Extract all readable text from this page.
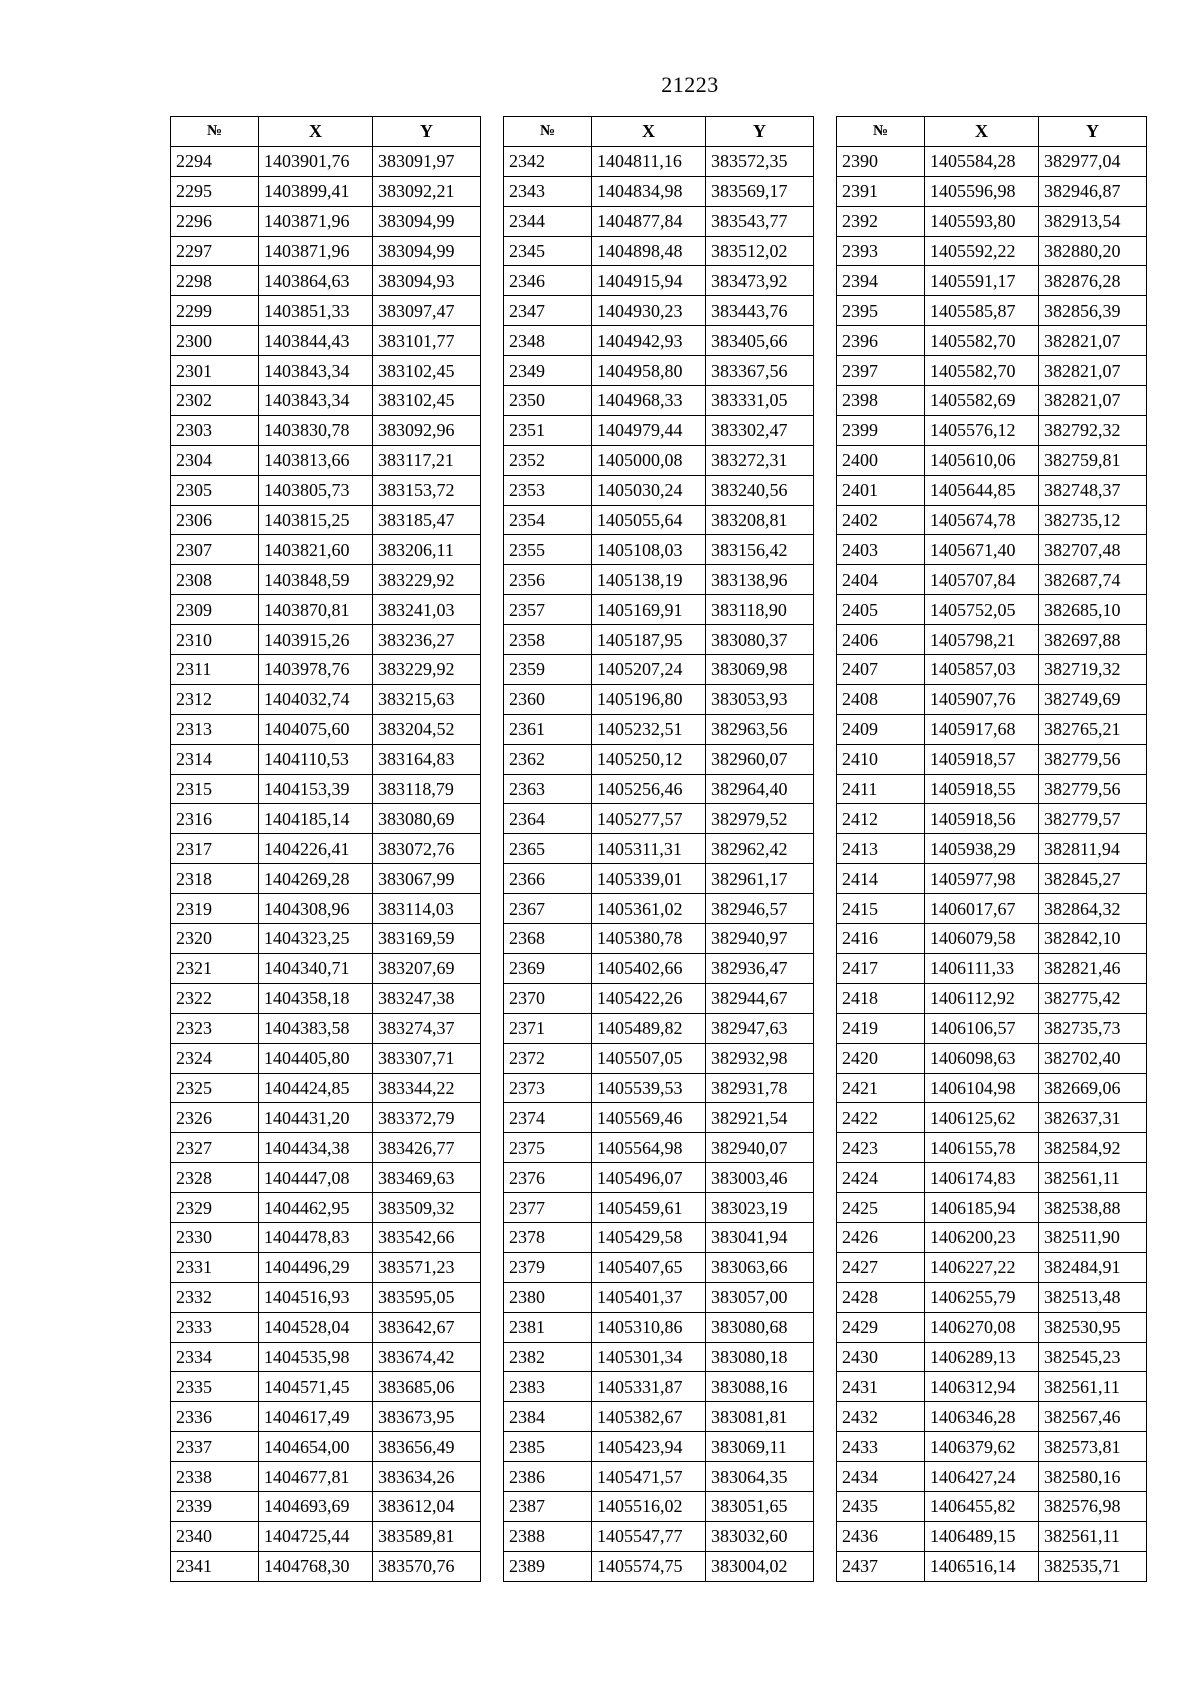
21223
№	X	Y
2294	1403901,76	383091,97
2295	1403899,41	383092,21
2296	1403871,96	383094,99
2297	1403871,96	383094,99
2298	1403864,63	383094,93
2299	1403851,33	383097,47
2300	1403844,43	383101,77
2301	1403843,34	383102,45
2302	1403843,34	383102,45
2303	1403830,78	383092,96
2304	1403813,66	383117,21
2305	1403805,73	383153,72
2306	1403815,25	383185,47
2307	1403821,60	383206,11
2308	1403848,59	383229,92
2309	1403870,81	383241,03
2310	1403915,26	383236,27
2311	1403978,76	383229,92
2312	1404032,74	383215,63
2313	1404075,60	383204,52
2314	1404110,53	383164,83
2315	1404153,39	383118,79
2316	1404185,14	383080,69
2317	1404226,41	383072,76
2318	1404269,28	383067,99
2319	1404308,96	383114,03
2320	1404323,25	383169,59
2321	1404340,71	383207,69
2322	1404358,18	383247,38
2323	1404383,58	383274,37
2324	1404405,80	383307,71
2325	1404424,85	383344,22
2326	1404431,20	383372,79
2327	1404434,38	383426,77
2328	1404447,08	383469,63
2329	1404462,95	383509,32
2330	1404478,83	383542,66
2331	1404496,29	383571,23
2332	1404516,93	383595,05
2333	1404528,04	383642,67
2334	1404535,98	383674,42
2335	1404571,45	383685,06
2336	1404617,49	383673,95
2337	1404654,00	383656,49
2338	1404677,81	383634,26
2339	1404693,69	383612,04
2340	1404725,44	383589,81
2341	1404768,30	383570,76
№	X	Y
2342	1404811,16	383572,35
2343	1404834,98	383569,17
2344	1404877,84	383543,77
2345	1404898,48	383512,02
2346	1404915,94	383473,92
2347	1404930,23	383443,76
2348	1404942,93	383405,66
2349	1404958,80	383367,56
2350	1404968,33	383331,05
2351	1404979,44	383302,47
2352	1405000,08	383272,31
2353	1405030,24	383240,56
2354	1405055,64	383208,81
2355	1405108,03	383156,42
2356	1405138,19	383138,96
2357	1405169,91	383118,90
2358	1405187,95	383080,37
2359	1405207,24	383069,98
2360	1405196,80	383053,93
2361	1405232,51	382963,56
2362	1405250,12	382960,07
2363	1405256,46	382964,40
2364	1405277,57	382979,52
2365	1405311,31	382962,42
2366	1405339,01	382961,17
2367	1405361,02	382946,57
2368	1405380,78	382940,97
2369	1405402,66	382936,47
2370	1405422,26	382944,67
2371	1405489,82	382947,63
2372	1405507,05	382932,98
2373	1405539,53	382931,78
2374	1405569,46	382921,54
2375	1405564,98	382940,07
2376	1405496,07	383003,46
2377	1405459,61	383023,19
2378	1405429,58	383041,94
2379	1405407,65	383063,66
2380	1405401,37	383057,00
2381	1405310,86	383080,68
2382	1405301,34	383080,18
2383	1405331,87	383088,16
2384	1405382,67	383081,81
2385	1405423,94	383069,11
2386	1405471,57	383064,35
2387	1405516,02	383051,65
2388	1405547,77	383032,60
2389	1405574,75	383004,02
№	X	Y
2390	1405584,28	382977,04
2391	1405596,98	382946,87
2392	1405593,80	382913,54
2393	1405592,22	382880,20
2394	1405591,17	382876,28
2395	1405585,87	382856,39
2396	1405582,70	382821,07
2397	1405582,70	382821,07
2398	1405582,69	382821,07
2399	1405576,12	382792,32
2400	1405610,06	382759,81
2401	1405644,85	382748,37
2402	1405674,78	382735,12
2403	1405671,40	382707,48
2404	1405707,84	382687,74
2405	1405752,05	382685,10
2406	1405798,21	382697,88
2407	1405857,03	382719,32
2408	1405907,76	382749,69
2409	1405917,68	382765,21
2410	1405918,57	382779,56
2411	1405918,55	382779,56
2412	1405918,56	382779,57
2413	1405938,29	382811,94
2414	1405977,98	382845,27
2415	1406017,67	382864,32
2416	1406079,58	382842,10
2417	1406111,33	382821,46
2418	1406112,92	382775,42
2419	1406106,57	382735,73
2420	1406098,63	382702,40
2421	1406104,98	382669,06
2422	1406125,62	382637,31
2423	1406155,78	382584,92
2424	1406174,83	382561,11
2425	1406185,94	382538,88
2426	1406200,23	382511,90
2427	1406227,22	382484,91
2428	1406255,79	382513,48
2429	1406270,08	382530,95
2430	1406289,13	382545,23
2431	1406312,94	382561,11
2432	1406346,28	382567,46
2433	1406379,62	382573,81
2434	1406427,24	382580,16
2435	1406455,82	382576,98
2436	1406489,15	382561,11
2437	1406516,14	382535,71
